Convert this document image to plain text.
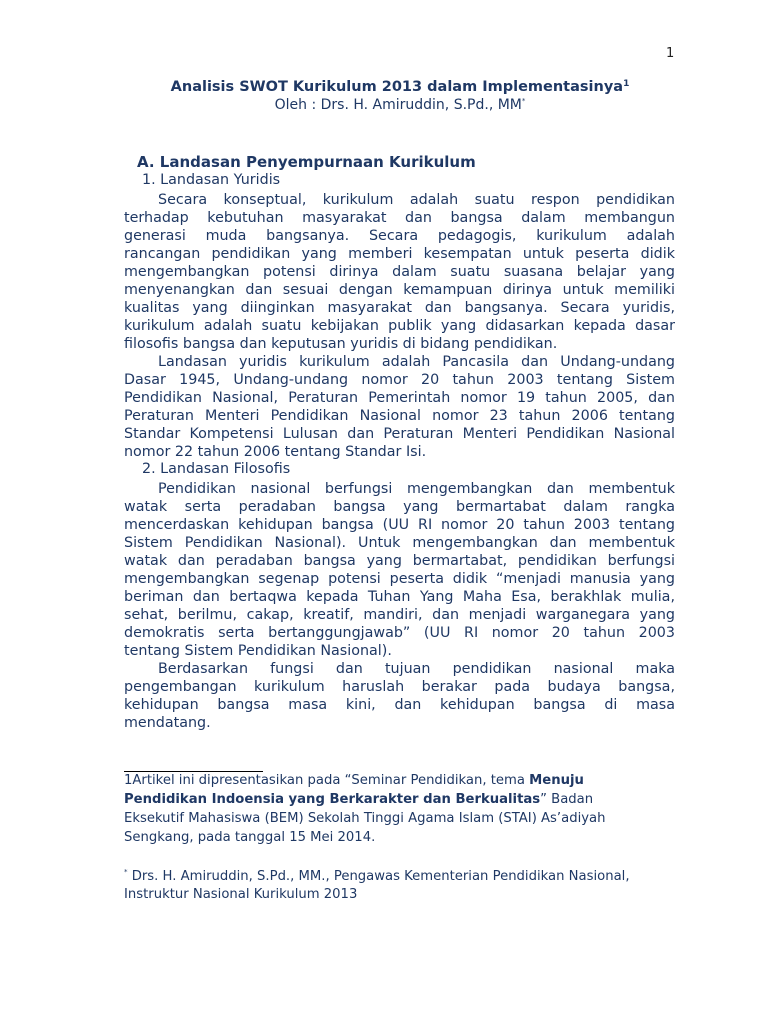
1
Analisis SWOT Kurikulum 2013 dalam Implementasinya$^1$
Oleh : Drs. H. Amiruddin, S.Pd., MM*
A. Landasan Penyempurnaan Kurikulum
1. Landasan Yuridis
Secara konseptual, kurikulum adalah suatu respon pendidikan
terhadap kebutuhan masyarakat dan bangsa dalam membangun
generasi muda bangsanya. Secara pedagogis, kurikulum adalah
rancangan pendidikan yang memberi kesempatan untuk peserta didik
mengembangkan potensi dirinya dalam suatu suasana belajar yang
menyenangkan dan sesuai dengan kemampuan dirinya untuk memiliki
kualitas yang diinginkan masyarakat dan bangsanya. Secara yuridis,
kurikulum adalah suatu kebijakan publik yang didasarkan kepada dasar
filosofis bangsa dan keputusan yuridis di bidang pendidikan.
Landasan yuridis kurikulum adalah Pancasila dan Undang-undang
Dasar 1945, Undang-undang nomor 20 tahun 2003 tentang Sistem
Pendidikan Nasional, Peraturan Pemerintah nomor 19 tahun 2005, dan
Peraturan Menteri Pendidikan Nasional nomor 23 tahun 2006 tentang
Standar Kompetensi Lulusan dan Peraturan Menteri Pendidikan Nasional
nomor 22 tahun 2006 tentang Standar Isi.
2. Landasan Filosofis
Pendidikan nasional berfungsi mengembangkan dan membentuk
watak serta peradaban bangsa yang bermartabat dalam rangka
mencerdaskan kehidupan bangsa (UU RI nomor 20 tahun 2003 tentang
Sistem Pendidikan Nasional). Untuk mengembangkan dan membentuk
watak dan peradaban bangsa yang bermartabat, pendidikan berfungsi
mengembangkan segenap potensi peserta didik “menjadi manusia yang
beriman dan bertaqwa kepada Tuhan Yang Maha Esa, berakhlak mulia,
sehat, berilmu, cakap, kreatif, mandiri, dan menjadi warganegara yang
demokratis serta bertanggungjawab” (UU RI nomor 20 tahun 2003
tentang Sistem Pendidikan Nasional).
Berdasarkan fungsi dan tujuan pendidikan nasional maka
pengembangan kurikulum haruslah berakar pada budaya bangsa,
kehidupan bangsa masa kini, dan kehidupan bangsa di masa
mendatang.
1Artikel ini dipresentasikan pada “Seminar Pendidikan, tema Menuju
Pendidikan Indoensia yang Berkarakter dan Berkualitas” Badan
Eksekutif Mahasiswa (BEM) Sekolah Tinggi Agama Islam (STAI) As’adiyah
Sengkang, pada tanggal 15 Mei 2014.
* Drs. H. Amiruddin, S.Pd., MM., Pengawas Kementerian Pendidikan Nasional,
Instruktur Nasional Kurikulum 2013
